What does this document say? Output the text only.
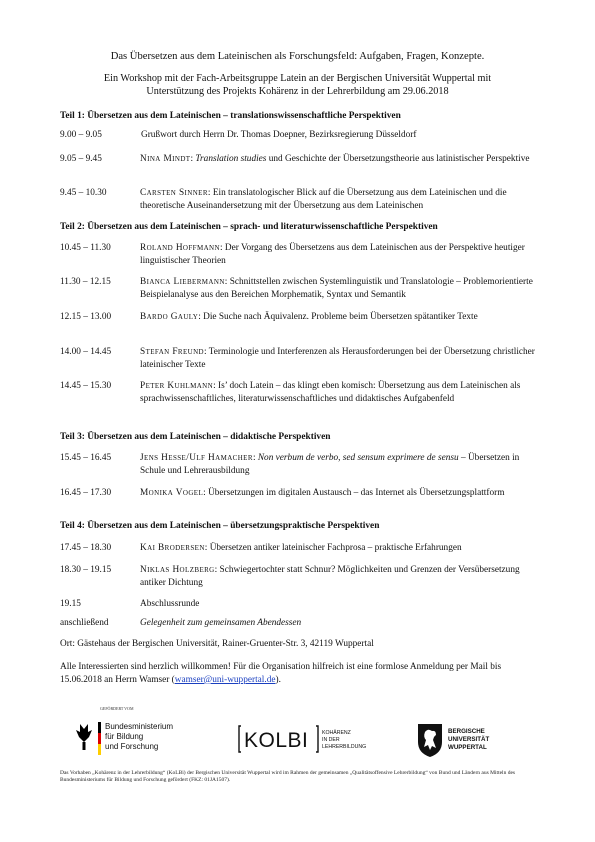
Das Übersetzen aus dem Lateinischen als Forschungsfeld: Aufgaben, Fragen, Konzepte.
Ein Workshop mit der Fach-Arbeitsgruppe Latein an der Bergischen Universität Wuppertal mit
Unterstützung des Projekts Kohärenz in der Lehrerbildung am 29.06.2018
Teil 1: Übersetzen aus dem Lateinischen – translationswissenschaftliche Perspektiven
9.00 – 9.05	Grußwort durch Herrn Dr. Thomas Doepner, Bezirksregierung Düsseldorf
9.05 – 9.45	Nina Mindt: Translation studies und Geschichte der Übersetzungstheorie aus latinistischer Perspektive
9.45 – 10.30	Carsten Sinner: Ein translatologischer Blick auf die Übersetzung aus dem Lateinischen und die theoretische Auseinandersetzung mit der Übersetzung aus dem Lateinischen
Teil 2: Übersetzen aus dem Lateinischen – sprach- und literaturwissenschaftliche Perspektiven
10.45 – 11.30	Roland Hoffmann: Der Vorgang des Übersetzens aus dem Lateinischen aus der Perspektive heutiger linguistischer Theorien
11.30 – 12.15	Bianca Liebermann: Schnittstellen zwischen Systemlinguistik und Translatologie – Problemorientierte Beispielanalyse aus den Bereichen Morphematik, Syntax und Semantik
12.15 – 13.00	Bardo Gauly: Die Suche nach Äquivalenz. Probleme beim Übersetzen spätantiker Texte
14.00 – 14.45	Stefan Freund: Terminologie und Interferenzen als Herausforderungen bei der Übersetzung christlicher lateinischer Texte
14.45 – 15.30	Peter Kuhlmann: Is’ doch Latein – das klingt eben komisch: Übersetzung aus dem Lateinischen als sprachwissenschaftliches, literaturwissenschaftliches und didaktisches Aufgabenfeld
Teil 3: Übersetzen aus dem Lateinischen – didaktische Perspektiven
15.45 – 16.45	Jens Hesse/Ulf Hamacher: Non verbum de verbo, sed sensum exprimere de sensu – Übersetzen in Schule und Lehrerausbildung
16.45 – 17.30	Monika Vogel: Übersetzungen im digitalen Austausch – das Internet als Übersetzungsplattform
Teil 4: Übersetzen aus dem Lateinischen – übersetzungspraktische Perspektiven
17.45 – 18.30	Kai Brodersen: Übersetzen antiker lateinischer Fachprosa – praktische Erfahrungen
18.30 – 19.15	Niklas Holzberg: Schwiegertochter statt Schnur? Möglichkeiten und Grenzen der Versübersetzung antiker Dichtung
19.15	Abschlussrunde
anschließend	Gelegenheit zum gemeinsamen Abendessen
Ort: Gästehaus der Bergischen Universität, Rainer-Gruenter-Str. 3, 42119 Wuppertal
Alle Interessierten sind herzlich willkommen! Für die Organisation hilfreich ist eine formlose Anmeldung per Mail bis 15.06.2018 an Herrn Wamser (wamser@uni-wuppertal.de).
GEFÖRDERT VOM
Bundesministerium
für Bildung
und Forschung	KOLBI	KOHÄRENZ
IN DER
LEHRERBILDUNG
BERGISCHE
UNIVERSITÄT
WUPPERTAL
Das Vorhaben „Kohärenz in der Lehrerbildung“ (KoLBi) der Bergischen Universität Wuppertal wird im Rahmen der gemeinsamen „Qualitätsoffensive Lehrerbildung“ von Bund und Ländern aus Mitteln des Bundesministeriums für Bildung und Forschung gefördert (FKZ: 01JA1507).
